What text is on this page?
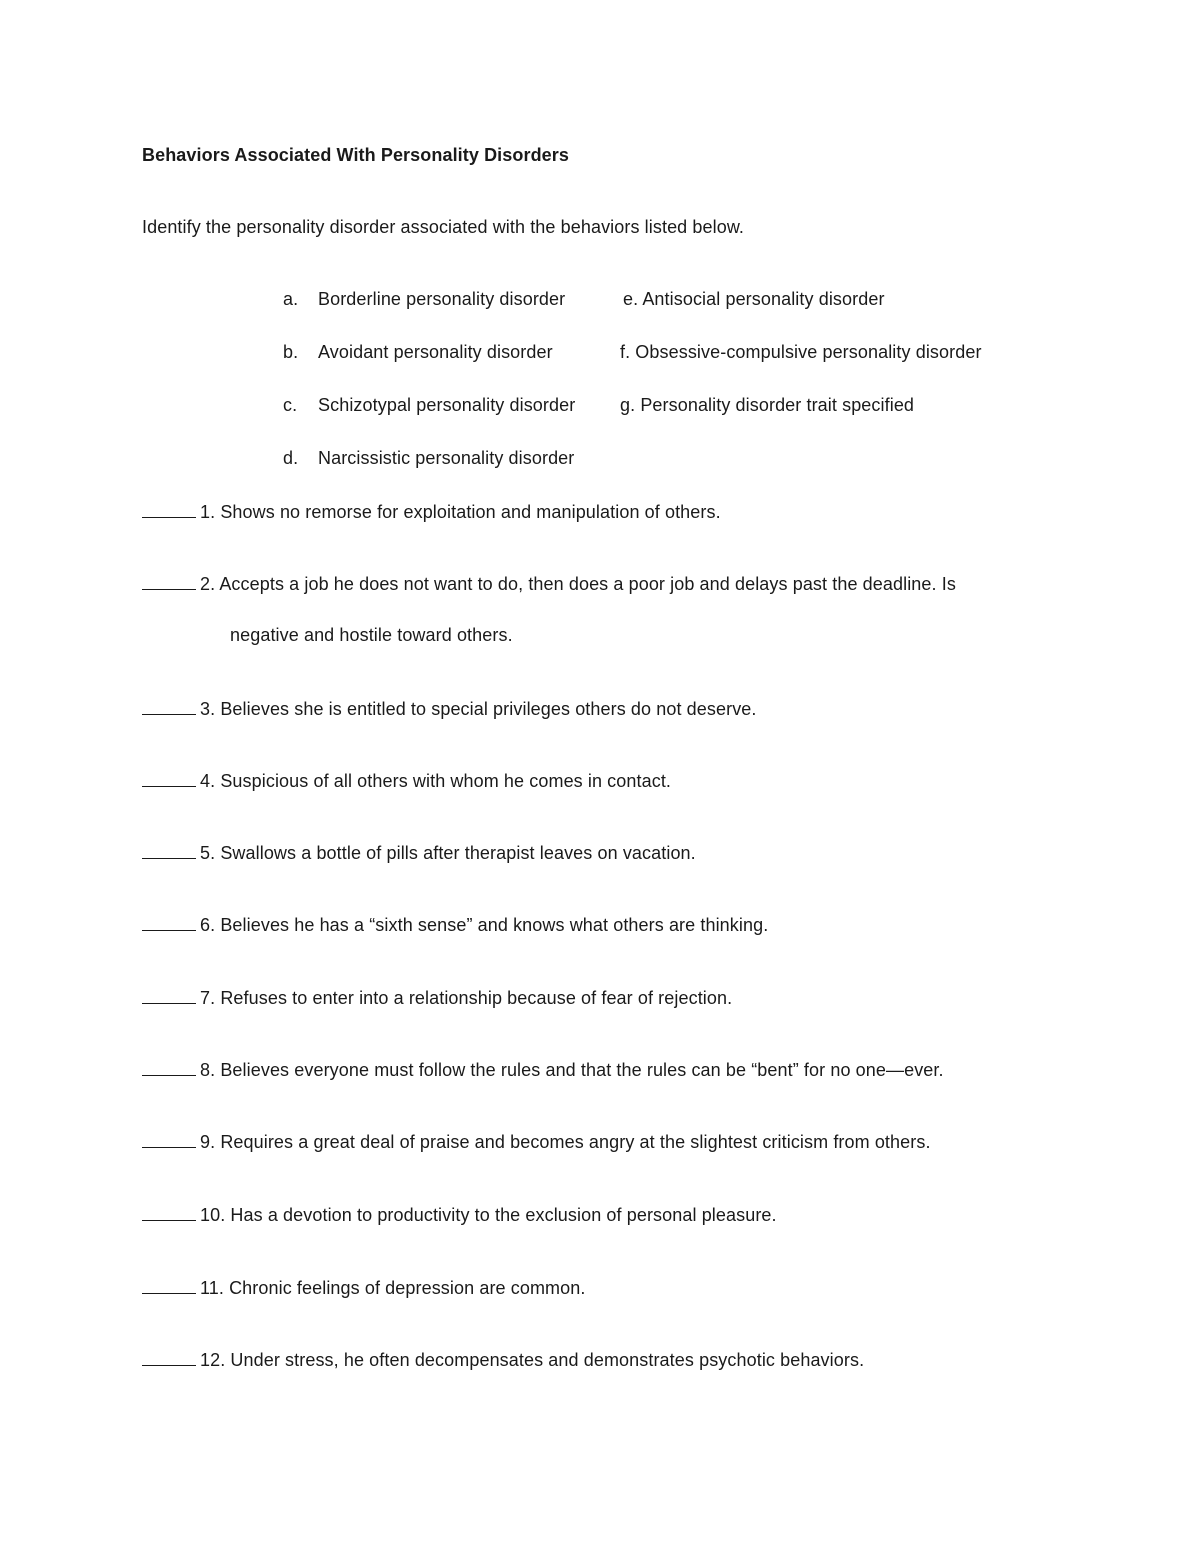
Behaviors Associated With Personality Disorders
Identify the personality disorder associated with the behaviors listed below.
a. Borderline personality disorder
b. Avoidant personality disorder
c. Schizotypal personality disorder
d. Narcissistic personality disorder
e. Antisocial personality disorder
f. Obsessive-compulsive personality disorder
g. Personality disorder trait specified
1. Shows no remorse for exploitation and manipulation of others.
2. Accepts a job he does not want to do, then does a poor job and delays past the deadline. Is
negative and hostile toward others.
3. Believes she is entitled to special privileges others do not deserve.
4. Suspicious of all others with whom he comes in contact.
5. Swallows a bottle of pills after therapist leaves on vacation.
6. Believes he has a “sixth sense” and knows what others are thinking.
7. Refuses to enter into a relationship because of fear of rejection.
8. Believes everyone must follow the rules and that the rules can be “bent” for no one—ever.
9. Requires a great deal of praise and becomes angry at the slightest criticism from others.
10. Has a devotion to productivity to the exclusion of personal pleasure.
11. Chronic feelings of depression are common.
12. Under stress, he often decompensates and demonstrates psychotic behaviors.
